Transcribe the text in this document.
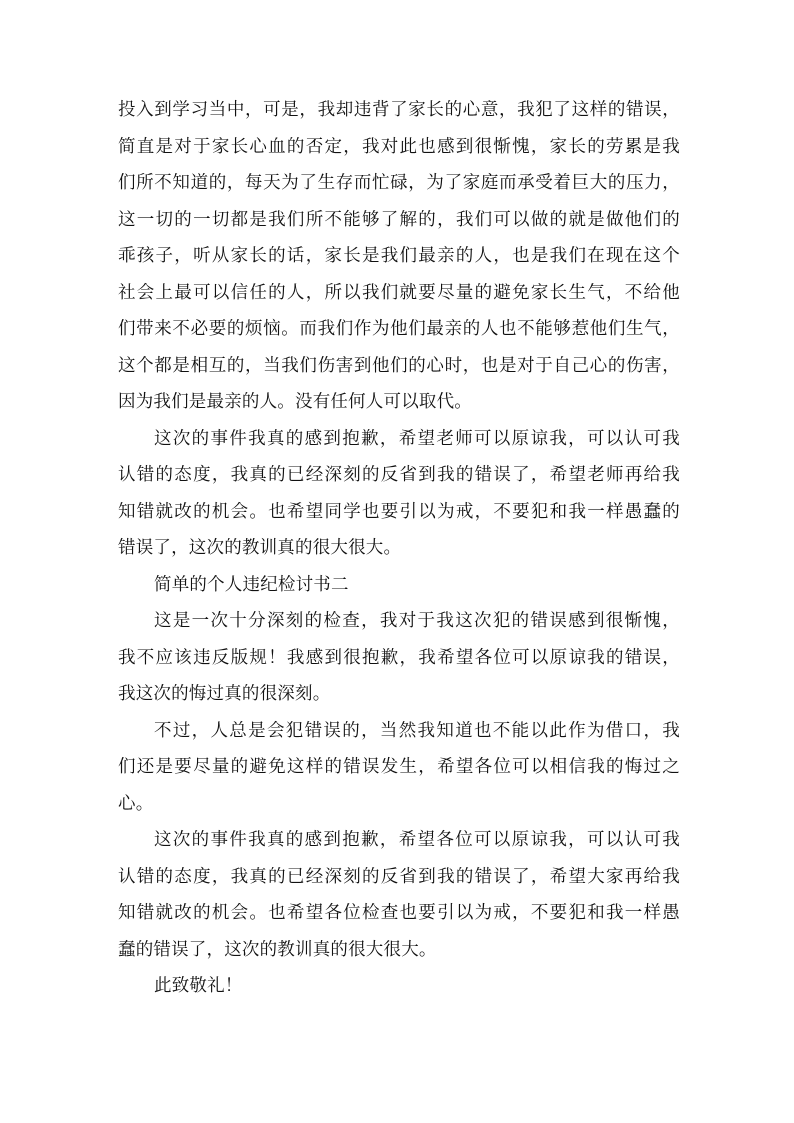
投入到学习当中，可是，我却违背了家长的心意，我犯了这样的错误，
简直是对于家长心血的否定，我对此也感到很惭愧，家长的劳累是我
们所不知道的，每天为了生存而忙碌，为了家庭而承受着巨大的压力，
这一切的一切都是我们所不能够了解的，我们可以做的就是做他们的
乖孩子，听从家长的话，家长是我们最亲的人，也是我们在现在这个
社会上最可以信任的人，所以我们就要尽量的避免家长生气，不给他
们带来不必要的烦恼。而我们作为他们最亲的人也不能够惹他们生气，
这个都是相互的，当我们伤害到他们的心时，也是对于自己心的伤害，
因为我们是最亲的人。没有任何人可以取代。
这次的事件我真的感到抱歉，希望老师可以原谅我，可以认可我
认错的态度，我真的已经深刻的反省到我的错误了，希望老师再给我
知错就改的机会。也希望同学也要引以为戒，不要犯和我一样愚蠢的
错误了，这次的教训真的很大很大。
简单的个人违纪检讨书二
这是一次十分深刻的检查，我对于我这次犯的错误感到很惭愧，
我不应该违反版规！我感到很抱歉，我希望各位可以原谅我的错误，
我这次的悔过真的很深刻。
不过，人总是会犯错误的，当然我知道也不能以此作为借口，我
们还是要尽量的避免这样的错误发生，希望各位可以相信我的悔过之
心。
这次的事件我真的感到抱歉，希望各位可以原谅我，可以认可我
认错的态度，我真的已经深刻的反省到我的错误了，希望大家再给我
知错就改的机会。也希望各位检查也要引以为戒，不要犯和我一样愚
蠢的错误了，这次的教训真的很大很大。
此致敬礼！
